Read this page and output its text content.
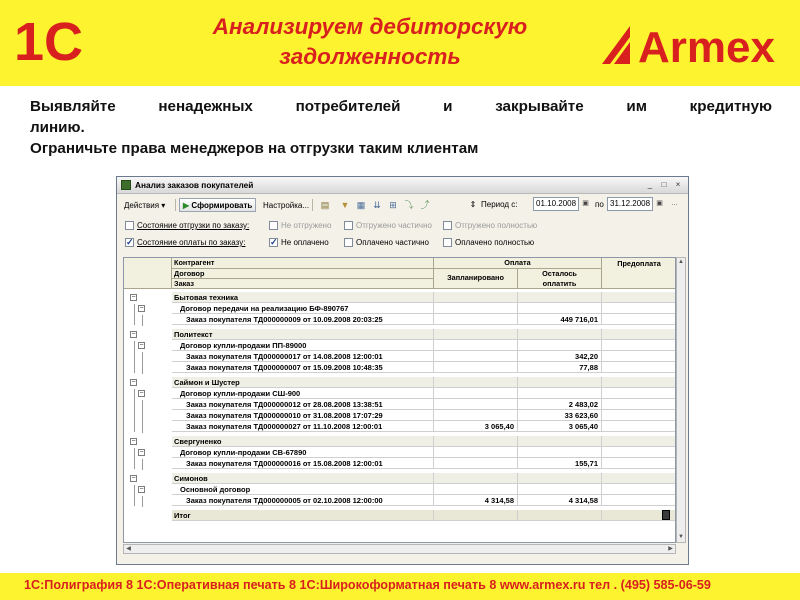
1С	Анализируем дебиторскую
задолженность	Armex
Выявляйте ненадежных потребителей и закрывайте им кредитную
линию.
Ограничьте права менеджеров на отгрузки таким клиентам
Анализ заказов покупателей	_	□	×
Действия ▾	▶ Сформировать	Настройка...	▤ ▼ ▦ ⇊ ⊞ ⤵ ⤴	⇕ Период с:	01.10.2008 ▣ по 31.12.2008 ▣	…
Состояние отгрузки по заказу:	Не отгружено	Отгружено частично	Отгружено полностью
✓Состояние оплаты по заказу:
✓	Не оплачено	Оплачено частично	Оплачено полностью
Контрагент
Договор
Заказ
Оплата
Запланировано	Осталось
оплатить
Предоплата
Бытовая техника
−
Договор передачи на реализацию БФ-890767
−
Заказ покупателя ТД000000009 от 10.09.2008 20:03:25	449 716,01
Политекст
−
Договор купли-продажи ПП-89000
−
Заказ покупателя ТД000000017 от 14.08.2008 12:00:01	342,20
Заказ покупателя ТД000000007 от 15.09.2008 10:48:35	77,88
Саймон и Шустер
−
Договор купли-продажи СШ-900
−
Заказ покупателя ТД000000012 от 28.08.2008 13:38:51	2 483,02
Заказ покупателя ТД000000010 от 31.08.2008 17:07:29	33 623,60
Заказ покупателя ТД000000027 от 11.10.2008 12:00:01	3 065,40	3 065,40
Свергуненко
−
Договор купли-продажи СВ-67890
−
Заказ покупателя ТД000000016 от 15.08.2008 12:00:01	155,71
Симонов
−
Основной договор
−
Заказ покупателя ТД000000005 от 02.10.2008 12:00:00	4 314,58	4 314,58
Итог
▲
▼
◀	▶
1С:Полиграфия 8 1С:Оперативная печать 8 1С:Широкоформатная печать 8 www.armex.ru тел . (495) 585-06-59
